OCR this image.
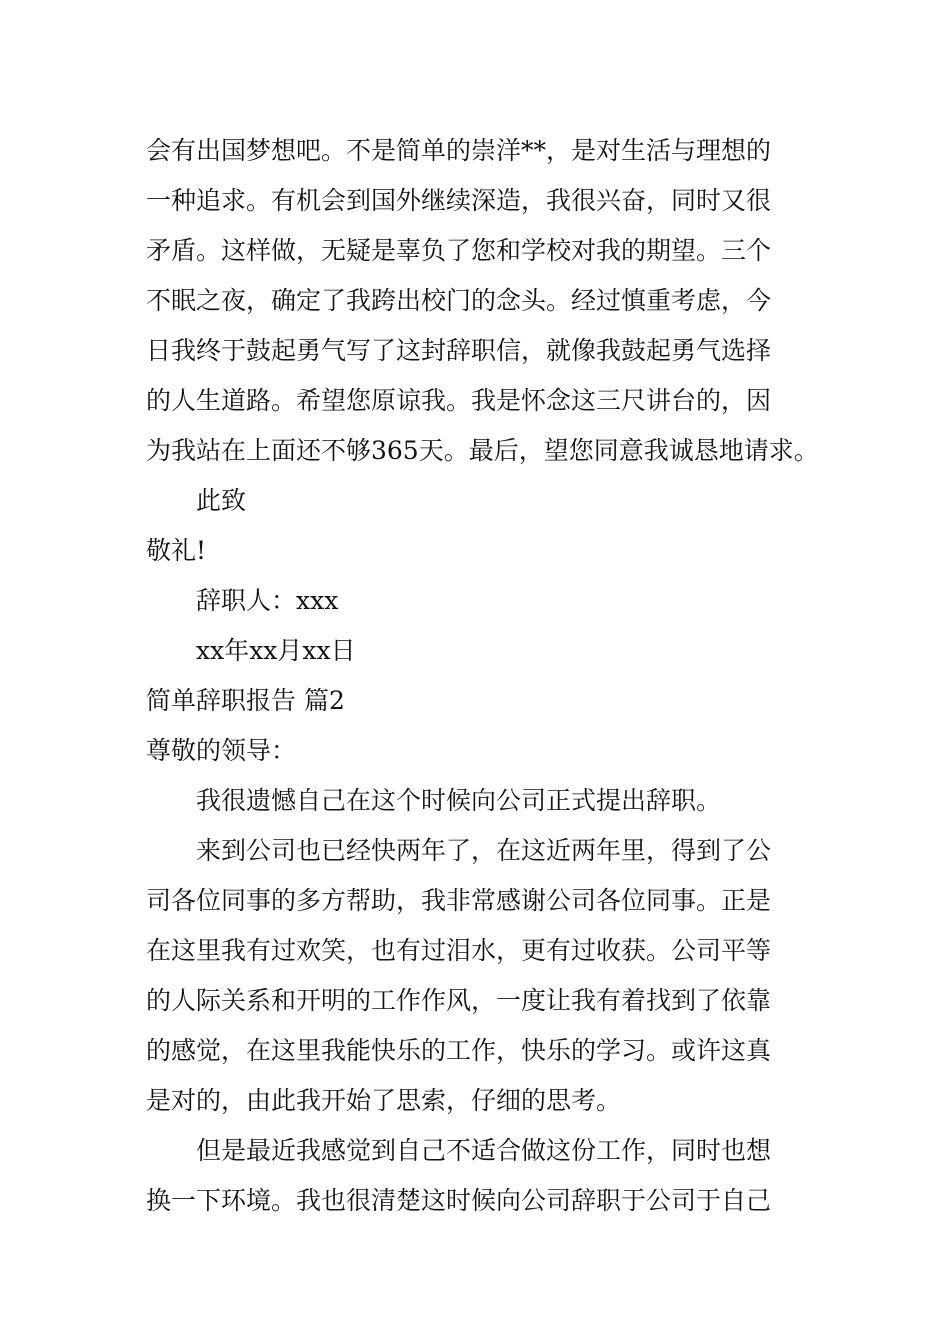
会有出国梦想吧。不是简单的崇洋**，是对生活与理想的
一种追求。有机会到国外继续深造，我很兴奋，同时又很
矛盾。这样做，无疑是辜负了您和学校对我的期望。三个
不眠之夜，确定了我跨出校门的念头。经过慎重考虑，今
日我终于鼓起勇气写了这封辞职信，就像我鼓起勇气选择
的人生道路。希望您原谅我。我是怀念这三尺讲台的，因
为我站在上面还不够365天。最后，望您同意我诚恳地请求。
此致
敬礼!
辞职人：xxx
xx年xx月xx日
简单辞职报告 篇2
尊敬的领导：
我很遗憾自己在这个时候向公司正式提出辞职。
来到公司也已经快两年了，在这近两年里，得到了公
司各位同事的多方帮助，我非常感谢公司各位同事。正是
在这里我有过欢笑，也有过泪水，更有过收获。公司平等
的人际关系和开明的工作作风，一度让我有着找到了依靠
的感觉，在这里我能快乐的工作，快乐的学习。或许这真
是对的，由此我开始了思索，仔细的思考。
但是最近我感觉到自己不适合做这份工作，同时也想
换一下环境。我也很清楚这时候向公司辞职于公司于自己
